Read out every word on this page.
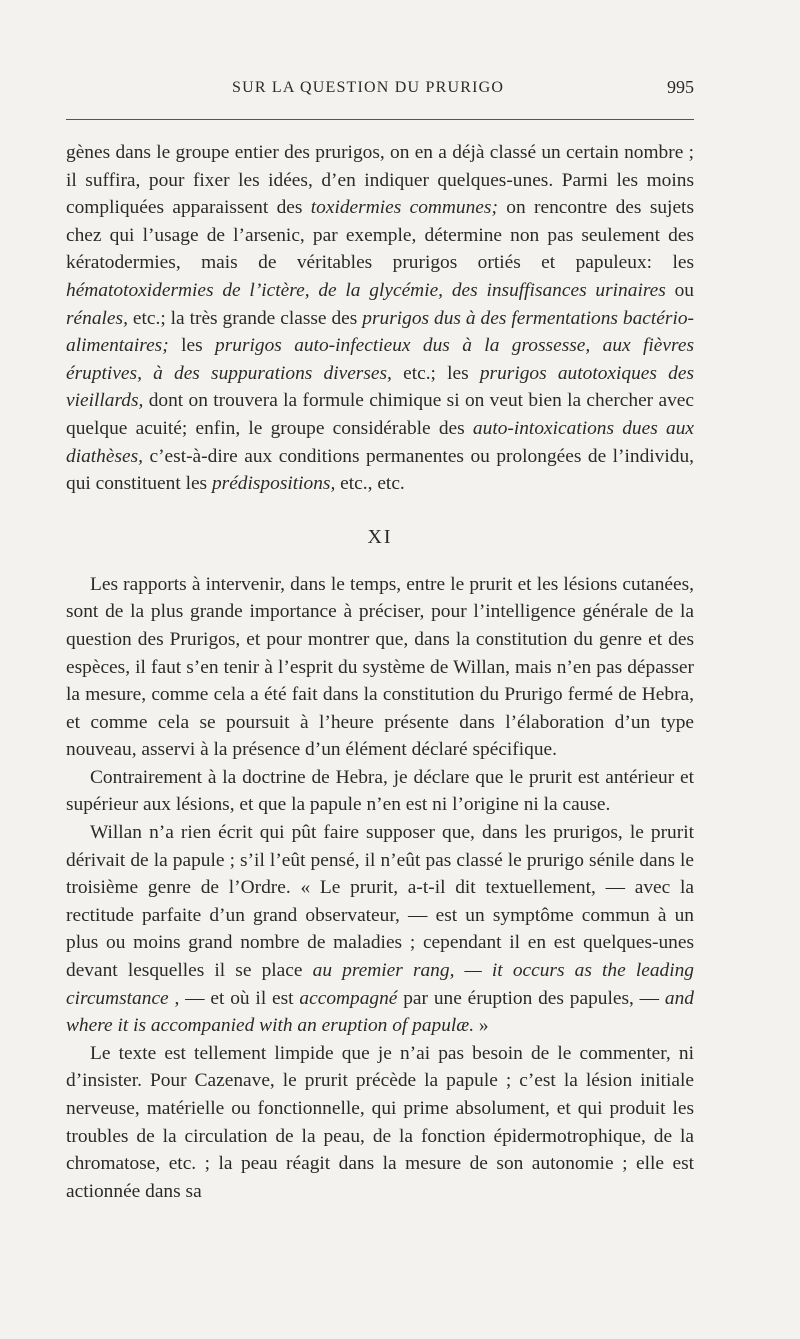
SUR LA QUESTION DU PRURIGO	995

gènes dans le groupe entier des prurigos, on en a déjà classé un certain nombre ; il suffira, pour fixer les idées, d’en indiquer quelques-unes. Parmi les moins compliquées apparaissent des toxidermies communes; on rencontre des sujets chez qui l’usage de l’arsenic, par exemple, détermine non pas seulement des kératodermies, mais de véritables prurigos ortiés et papuleux: les hématotoxidermies de l’ictère, de la glycémie, des insuffisances urinaires ou rénales, etc.; la très grande classe des prurigos dus à des fermentations bactério-alimentaires; les prurigos auto-infectieux dus à la grossesse, aux fièvres éruptives, à des suppurations diverses, etc.; les prurigos autotoxiques des vieillards, dont on trouvera la formule chimique si on veut bien la chercher avec quelque acuité; enfin, le groupe considérable des auto-intoxications dues aux diathèses, c’est-à-dire aux conditions permanentes ou prolongées de l’individu, qui constituent les prédispositions, etc., etc.

XI

Les rapports à intervenir, dans le temps, entre le prurit et les lésions cutanées, sont de la plus grande importance à préciser, pour l’intelligence générale de la question des Prurigos, et pour montrer que, dans la constitution du genre et des espèces, il faut s’en tenir à l’esprit du système de Willan, mais n’en pas dépasser la mesure, comme cela a été fait dans la constitution du Prurigo fermé de Hebra, et comme cela se poursuit à l’heure présente dans l’élaboration d’un type nouveau, asservi à la présence d’un élément déclaré spécifique.

Contrairement à la doctrine de Hebra, je déclare que le prurit est antérieur et supérieur aux lésions, et que la papule n’en est ni l’origine ni la cause.

Willan n’a rien écrit qui pût faire supposer que, dans les prurigos, le prurit dérivait de la papule ; s’il l’eût pensé, il n’eût pas classé le prurigo sénile dans le troisième genre de l’Ordre. « Le prurit, a-t-il dit textuellement, — avec la rectitude parfaite d’un grand observateur, — est un symptôme commun à un plus ou moins grand nombre de maladies ; cependant il en est quelques-unes devant lesquelles il se place au premier rang, — it occurs as the leading circumstance , — et où il est accompagné par une éruption des papules, — and where it is accompanied with an eruption of papulæ. »

Le texte est tellement limpide que je n’ai pas besoin de le commenter, ni d’insister. Pour Cazenave, le prurit précède la papule ; c’est la lésion initiale nerveuse, matérielle ou fonctionnelle, qui prime absolument, et qui produit les troubles de la circulation de la peau, de la fonction épidermotrophique, de la chromatose, etc. ; la peau réagit dans la mesure de son autonomie ; elle est actionnée dans sa
